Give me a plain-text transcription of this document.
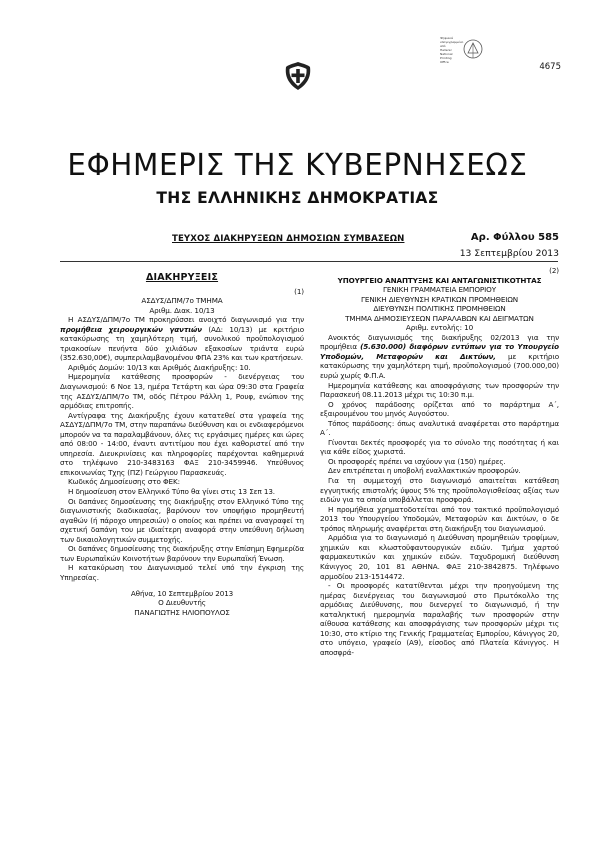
Ψηφιακά
υπογεγραμμένο
από
Hellenic
National
Printing
Office	4675
ΕΦΗΜΕΡΙΣ ΤΗΣ ΚΥΒΕΡΝΗΣΕΩΣ
ΤΗΣ ΕΛΛΗΝΙΚΗΣ ΔΗΜΟΚΡΑΤΙΑΣ
ΤΕΥΧΟΣ ΔΙΑΚΗΡΥΞΕΩΝ ΔΗΜΟΣΙΩΝ ΣΥΜΒΑΣΕΩΝ	Αρ. Φύλλου 585
13 Σεπτεμβρίου 2013
ΔΙΑΚΗΡΥΞΕΙΣ

(1)

ΑΣΔΥΣ/ΔΠΜ/7ο ΤΜΗΜΑ

Αριθμ. Διακ. 10/13

Η ΑΣΔΥΣ/ΔΠΜ/7ο ΤΜ προκηρύσσει ανοιχτό διαγωνισμό για την προμήθεια χειρουργικών γαντιών (ΑΔ: 10/13) με κριτήριο κατακύρωσης τη χαμηλότερη τιμή, συνολικού προϋπολογισμού τριακοσίων πενήντα δύο χιλιάδων εξακοσίων τριάντα ευρώ (352.630,00€), συμπεριλαμβανομένου ΦΠΑ 23% και των κρατήσεων.

Αριθμός Δομών: 10/13 και Αριθμός Διακήρυξης: 10.

Ημερομηνία κατάθεσης προσφορών - διενέργειας του Διαγωνισμού: 6 Νοε 13, ημέρα Τετάρτη και ώρα 09:30 στα Γραφεία της ΑΣΔΥΣ/ΔΠΜ/7ο ΤΜ, οδός Πέτρου Ράλλη 1, Ρουφ, ενώπιον της αρμόδιας επιτροπής.

Αντίγραφα της Διακήρυξης έχουν κατατεθεί στα γραφεία της ΑΣΔΥΣ/ΔΠΜ/7ο ΤΜ, στην παραπάνω διεύθυνση και οι ενδιαφερόμενοι μπορούν να τα παραλαμβάνουν, όλες τις εργάσιμες ημέρες και ώρες από 08:00 - 14:00, έναντι αντιτίμου που έχει καθοριστεί από την υπηρεσία. Διευκρινίσεις και πληροφορίες παρέχονται καθημερινά στο τηλέφωνο 210-3483163 ΦΑΞ 210-3459946. Υπεύθυνος επικοινωνίας Τχης (ΠΖ) Γεώργιου Παρασκευάς.

Κωδικός Δημοσίευσης στο ΦΕΚ:

Η δημοσίευση στον Ελληνικό Τύπο θα γίνει στις 13 Σεπ 13.

Οι δαπάνες δημοσίευσης της διακήρυξης στον Ελληνικό Τύπο της διαγωνιστικής διαδικασίας, βαρύνουν τον υποψήφιο προμηθευτή αγαθών (ή πάροχο υπηρεσιών) ο οποίος και πρέπει να αναγραφεί τη σχετική δαπάνη του με ιδιαίτερη αναφορά στην υπεύθυνη δήλωση των δικαιολογητικών συμμετοχής.

Οι δαπάνες δημοσίευσης της διακήρυξης στην Επίσημη Εφημερίδα των Ευρωπαϊκών Κοινοτήτων βαρύνουν την Ευρωπαϊκή Ένωση.

Η κατακύρωση του Διαγωνισμού τελεί υπό την έγκριση της Υπηρεσίας.

Αθήνα, 10 Σεπτεμβρίου 2013

Ο Διευθυντής

ΠΑΝΑΓΙΩΤΗΣ ΗΛΙΟΠΟΥΛΟΣ

(2)

ΥΠΟΥΡΓΕΙΟ ΑΝΑΠΤΥΞΗΣ ΚΑΙ ΑΝΤΑΓΩΝΙΣΤΙΚΟΤΗΤΑΣ

ΓΕΝΙΚΗ ΓΡΑΜΜΑΤΕΙΑ ΕΜΠΟΡΙΟΥ

ΓΕΝΙΚΗ ΔΙΕΥΘΥΝΣΗ ΚΡΑΤΙΚΩΝ ΠΡΟΜΗΘΕΙΩΝ

ΔΙΕΥΘΥΝΣΗ ΠΟΛΙΤΙΚΗΣ ΠΡΟΜΗΘΕΙΩΝ

ΤΜΗΜΑ ΔΗΜΟΣΙΕΥΣΕΩΝ ΠΑΡΑΛΑΒΩΝ ΚΑΙ ΔΕΙΓΜΑΤΩΝ

Αριθμ. εντολής: 10

Ανοικτός διαγωνισμός της διακήρυξης 02/2013 για την προμήθεια (5.630.000) διαφόρων εντύπων για το Υπουργείο Υποδομών, Μεταφορών και Δικτύων, με κριτήριο κατακύρωσης την χαμηλότερη τιμή, προϋπολογισμού (700.000,00) ευρώ χωρίς Φ.Π.Α.

Ημερομηνία κατάθεσης και αποσφράγισης των προσφορών την Παρασκευή 08.11.2013 μέχρι τις 10:30 π.μ.

Ο χρόνος παράδοσης ορίζεται από το παράρτημα Α΄, εξαιρουμένου του μηνός Αυγούστου.

Τόπος παράδοσης: όπως αναλυτικά αναφέρεται στο παράρτημα Α΄.

Γίνονται δεκτές προσφορές για το σύνολο της ποσότητας ή και για κάθε είδος χωριστά.

Οι προσφορές πρέπει να ισχύουν για (150) ημέρες.

Δεν επιτρέπεται η υποβολή εναλλακτικών προσφορών.

Για τη συμμετοχή στο διαγωνισμό απαιτείται κατάθεση εγγυητικής επιστολής ύψους 5% της προϋπολογισθείσας αξίας των ειδών για τα οποία υποβάλλεται προσφορά.

Η προμήθεια χρηματοδοτείται από τον τακτικό προϋπολογισμό 2013 του Υπουργείου Υποδομών, Μεταφορών και Δικτύων, ο δε τρόπος πληρωμής αναφέρεται στη διακήρυξη του διαγωνισμού.

Αρμόδια για το διαγωνισμό η Διεύθυνση προμηθειών τροφίμων, χημικών και κλωστοϋφαντουργικών ειδών. Τμήμα χαρτού φαρμακευτικών και χημικών ειδών. Ταχυδρομική διεύθυνση Κάνιγγος 20, 101 81 ΑΘΗΝΑ. ΦΑΞ 210-3842875. Τηλέφωνο αρμοδίου 213-1514472.

- Οι προσφορές κατατίθενται μέχρι την προηγούμενη της ημέρας διενέργειας του διαγωνισμού στο Πρωτόκολλο της αρμόδιας Διεύθυνσης, που διενεργεί το διαγωνισμό, ή την καταληκτική ημερομηνία παραλαβής των προσφορών στην αίθουσα κατάθεσης και αποσφράγισης των προσφορών μέχρι τις 10:30, στο κτίριο της Γενικής Γραμματείας Εμπορίου, Κάνιγγος 20, στο υπόγειο, γραφείο (Α9), είσοδος από Πλατεία Κάνιγγος. Η αποσφρά-
